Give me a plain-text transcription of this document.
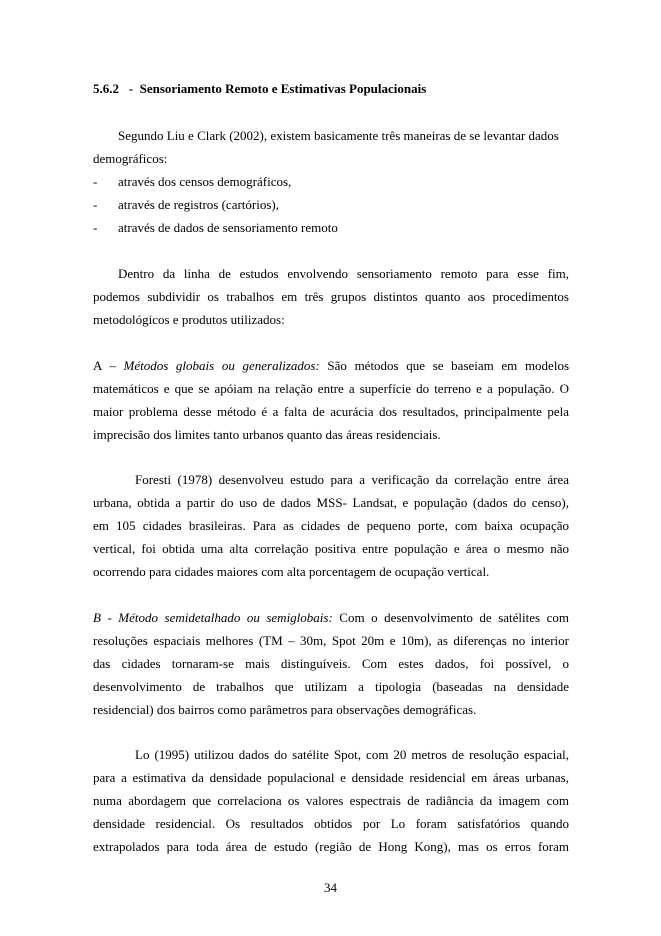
5.6.2 - Sensoriamento Remoto e Estimativas Populacionais
Segundo Liu e Clark (2002), existem basicamente três maneiras de se levantar dados
demográficos:
- através dos censos demográficos,
- através de registros (cartórios),
- através de dados de sensoriamento remoto
Dentro da linha de estudos envolvendo sensoriamento remoto para esse fim,
podemos subdividir os trabalhos em três grupos distintos quanto aos procedimentos
metodológicos e produtos utilizados:
A – Métodos globais ou generalizados: São métodos que se baseiam em modelos
matemáticos e que se apóiam na relação entre a superfície do terreno e a população. O
maior problema desse método é a falta de acurácia dos resultados, principalmente pela
imprecisão dos limites tanto urbanos quanto das áreas residenciais.
Foresti (1978) desenvolveu estudo para a verificação da correlação entre área
urbana, obtida a partir do uso de dados MSS- Landsat, e população (dados do censo),
em 105 cidades brasileiras. Para as cidades de pequeno porte, com baixa ocupação
vertical, foi obtida uma alta correlação positiva entre população e área o mesmo não
ocorrendo para cidades maiores com alta porcentagem de ocupação vertical.
B - Método semidetalhado ou semiglobais: Com o desenvolvimento de satélites com
resoluções espaciais melhores (TM – 30m, Spot 20m e 10m), as diferenças no interior
das cidades tornaram-se mais distinguíveis. Com estes dados, foi possível, o
desenvolvimento de trabalhos que utilizam a tipologia (baseadas na densidade
residencial) dos bairros como parâmetros para observações demográficas.
Lo (1995) utilizou dados do satélite Spot, com 20 metros de resolução espacial,
para a estimativa da densidade populacional e densidade residencial em áreas urbanas,
numa abordagem que correlaciona os valores espectrais de radiância da imagem com
densidade residencial. Os resultados obtidos por Lo foram satisfatórios quando
extrapolados para toda área de estudo (região de Hong Kong), mas os erros foram
34
